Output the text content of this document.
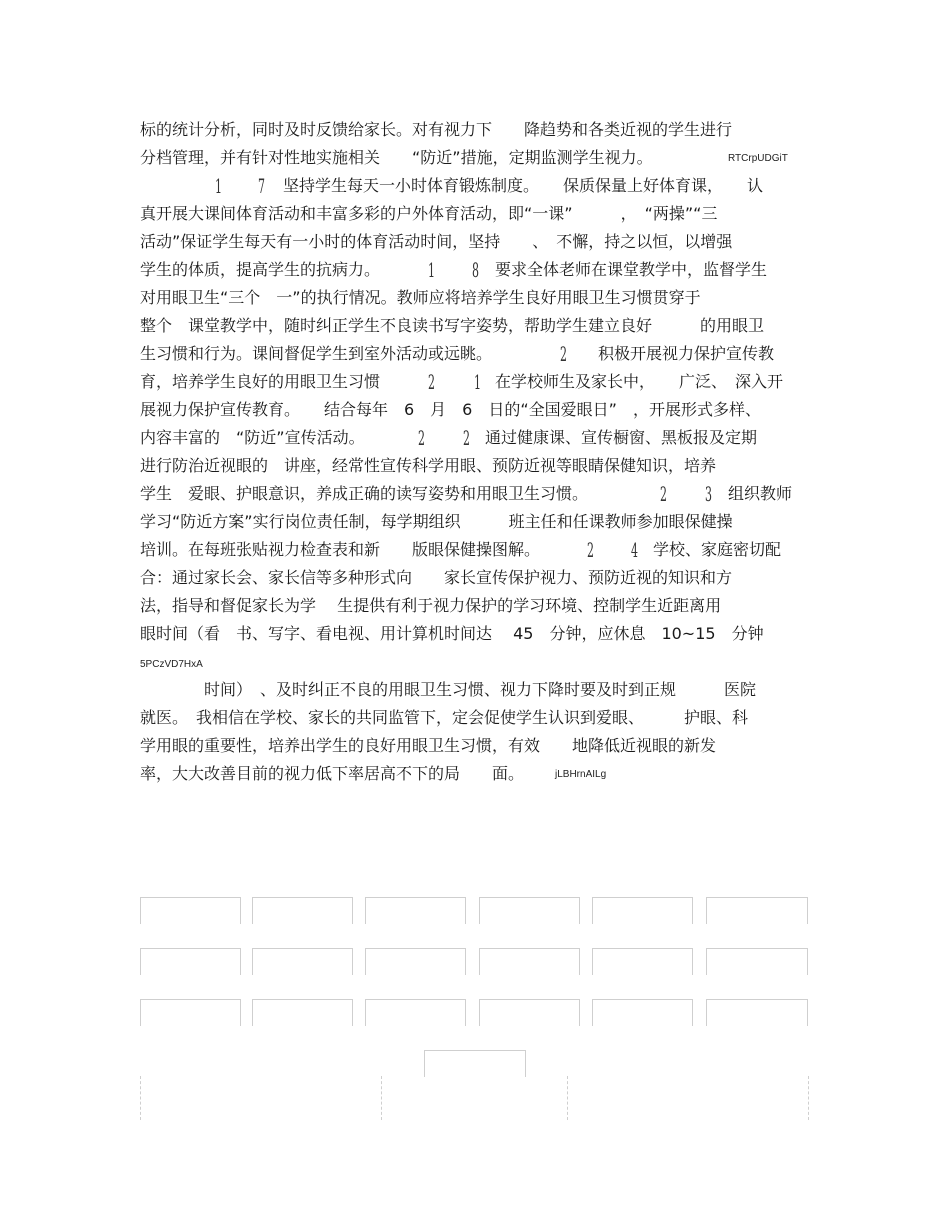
标的统计分析，同时及时反馈给家长。对有视力下　　降趋势和各类近视的学生进行
分档管理，并有针对性地实施相关　　“防近”措施，定期监测学生视力。	RTCrpUDGiT
1 7 坚持学生每天一小时体育锻炼制度。　　保质保量上好体育课，　　认
真开展大课间体育活动和丰富多彩的户外体育活动，即“一课”　　　，　“两操”“三
活动”保证学生每天有一小时的体育活动时间，坚持　　、　不懈，持之以恒，以增强
学生的体质，提高学生的抗病力。 1 8 要求全体老师在课堂教学中，监督学生
对用眼卫生“三个　一”的执行情况。教师应将培养学生良好用眼卫生习惯贯穿于
整个　课堂教学中，随时纠正学生不良读书写字姿势，帮助学生建立良好　　　的用眼卫
生习惯和行为。课间督促学生到室外活动或远眺。	2 积极开展视力保护宣传教
育，培养学生良好的用眼卫生习惯 2 1 在学校师生及家长中，　　广泛、　深入开
展视力保护宣传教育。　　结合每年　6　月　6　日的“全国爱眼日”　，开展形式多样、
内容丰富的　“防近”宣传活动。	2 2 通过健康课、宣传橱窗、黑板报及定期
进行防治近视眼的　讲座，经常性宣传科学用眼、预防近视等眼睛保健知识，培养
学生　爱眼、护眼意识，养成正确的读写姿势和用眼卫生习惯。	2 3 组织教师
学习“防近方案”实行岗位责任制，每学期组织　　　班主任和任课教师参加眼保健操
培训。在每班张贴视力检查表和新　　版眼保健操图解。 2 4 学校、家庭密切配
合：通过家长会、家长信等多种形式向　　家长宣传保护视力、预防近视的知识和方
法，指导和督促家长为学　 生提供有利于视力保护的学习环境、控制学生近距离用
眼时间（看　书、写字、看电视、用计算机时间达　 45　分钟，应休息　10~15　分钟
5PCzVD7HxA
　　　　时间）　、及时纠正不良的用眼卫生习惯、视力下降时要及时到正规　　　医院
就医。　我相信在学校、家长的共同监管下，定会促使学生认识到爱眼、　　　护眼、科
学用眼的重要性，培养出学生的良好用眼卫生习惯，有效　　地降低近视眼的新发
率，大大改善目前的视力低下率居高不下的局　　面。	jLBHrnAILg
